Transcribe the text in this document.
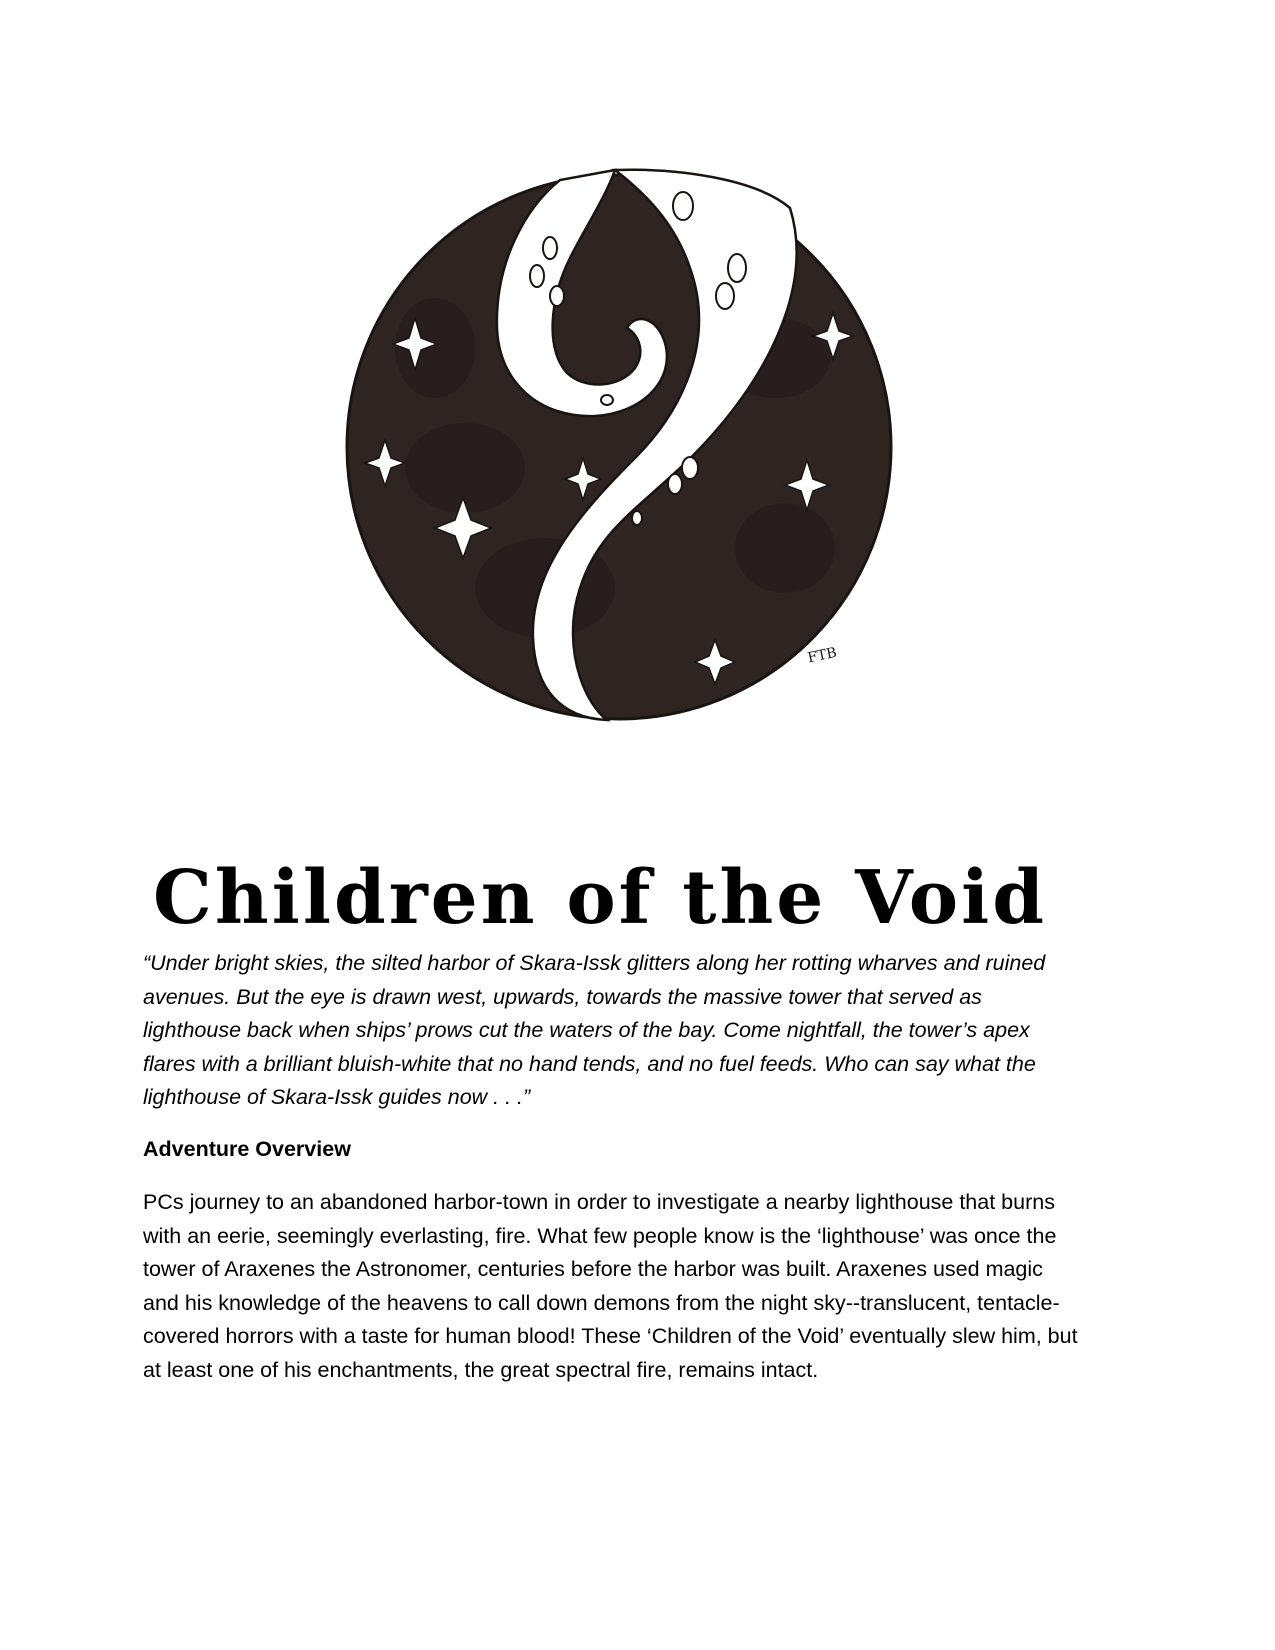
FTB
Children of the Void

“Under bright skies, the silted harbor of Skara-Issk glitters along her rotting wharves and ruined avenues. But the eye is drawn west, upwards, towards the massive tower that served as lighthouse back when ships’ prows cut the waters of the bay. Come nightfall, the tower’s apex flares with a brilliant bluish-white that no hand tends, and no fuel feeds. Who can say what the lighthouse of Skara-Issk guides now . . .”

Adventure Overview

PCs journey to an abandoned harbor-town in order to investigate a nearby lighthouse that burns with an eerie, seemingly everlasting, fire. What few people know is the ‘lighthouse’ was once the tower of Araxenes the Astronomer, centuries before the harbor was built. Araxenes used magic and his knowledge of the heavens to call down demons from the night sky--translucent, tentacle-covered horrors with a taste for human blood! These ‘Children of the Void’ eventually slew him, but at least one of his enchantments, the great spectral fire, remains intact.
